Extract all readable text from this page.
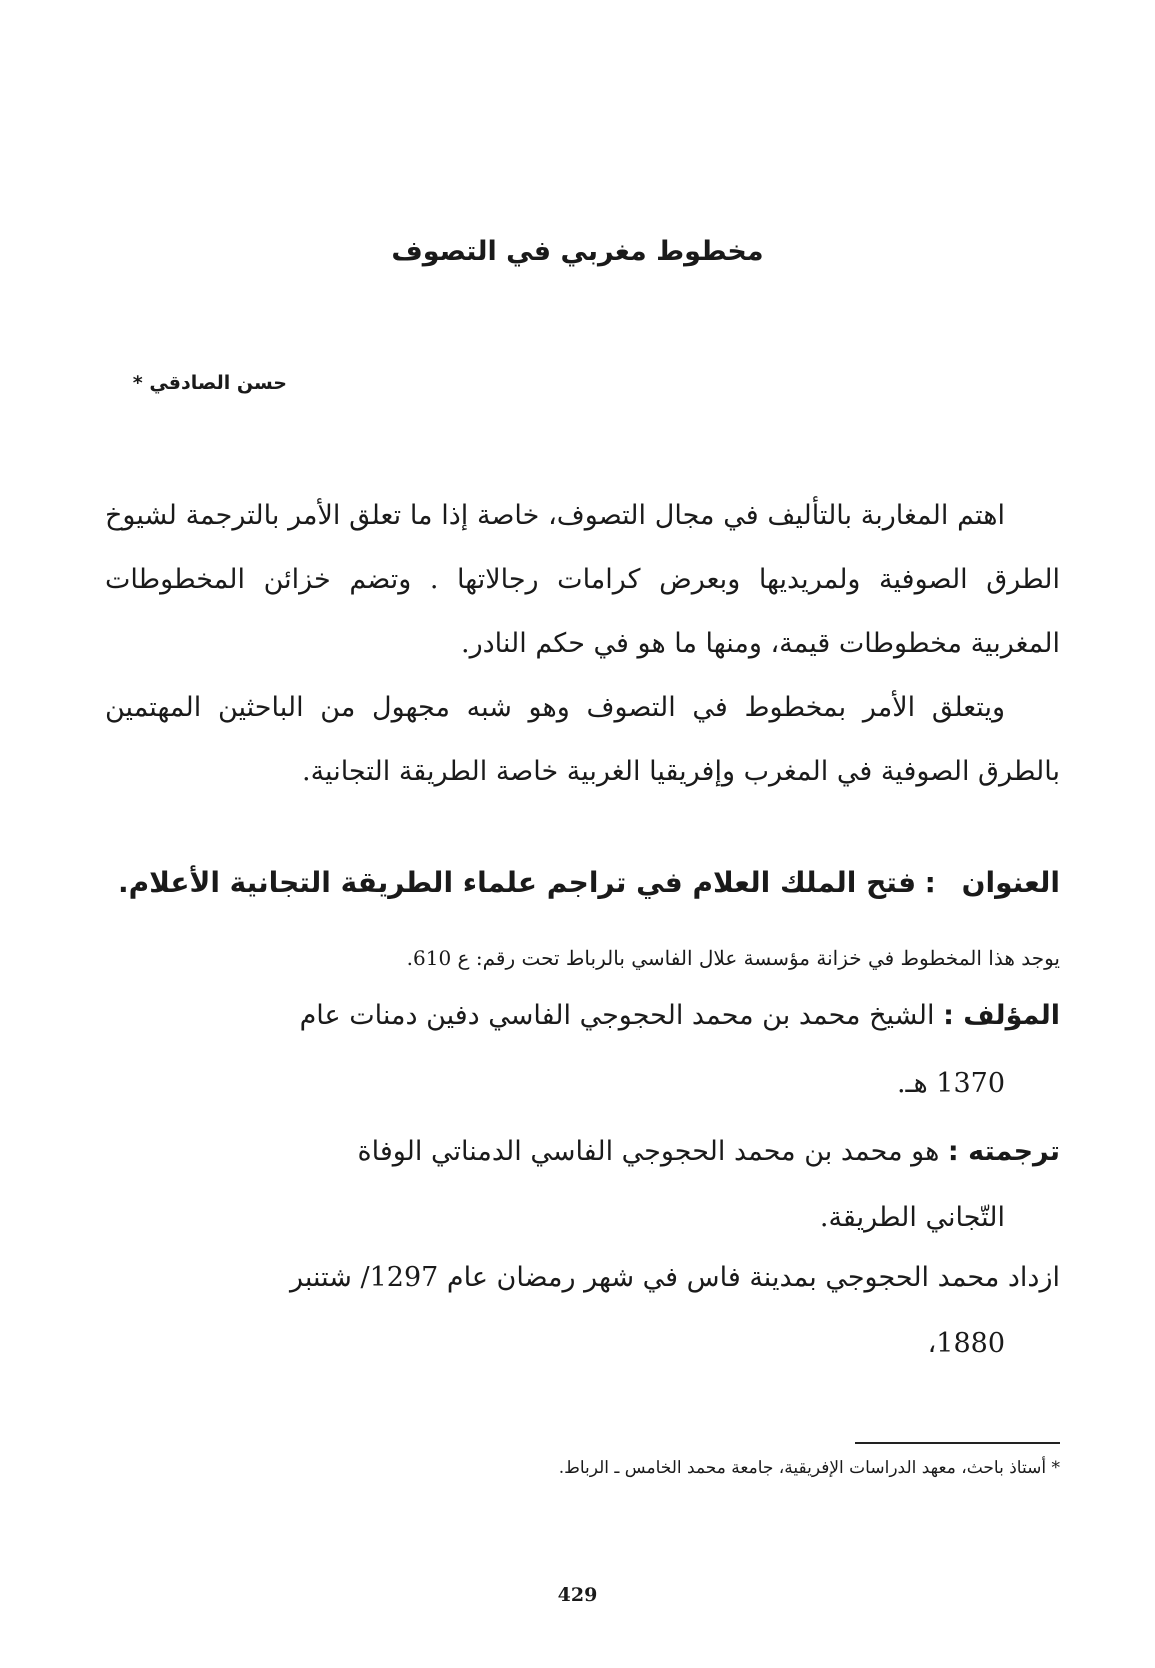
مخطوط مغربي في التصوف
حسن الصادقي *
اهتم المغاربة بالتأليف في مجال التصوف، خاصة إذا ما تعلق الأمر بالترجمة لشيوخ الطرق الصوفية ولمريديها وبعرض كرامات رجالاتها . وتضم خزائن المخطوطات المغربية مخطوطات قيمة، ومنها ما هو في حكم النادر.
ويتعلق الأمر بمخطوط في التصوف وهو شبه مجهول من الباحثين المهتمين بالطرق الصوفية في المغرب وإفريقيا الغربية خاصة الطريقة التجانية.
العنوان   : فتح الملك العلام في تراجم علماء الطريقة التجانية الأعلام.
يوجد هذا المخطوط في خزانة مؤسسة علال الفاسي بالرباط تحت رقم: ع 610.
المؤلف : الشيخ محمد بن محمد الحجوجي الفاسي دفين دمنات عام
1370 هـ.
ترجمته : هو محمد بن محمد الحجوجي الفاسي الدمناتي الوفاة
التّجاني الطريقة.
ازداد محمد الحجوجي بمدينة فاس في شهر رمضان عام 1297/ شتنبر
1880،
* أستاذ باحث، معهد الدراسات الإفريقية، جامعة محمد الخامس ـ الرباط.
429
